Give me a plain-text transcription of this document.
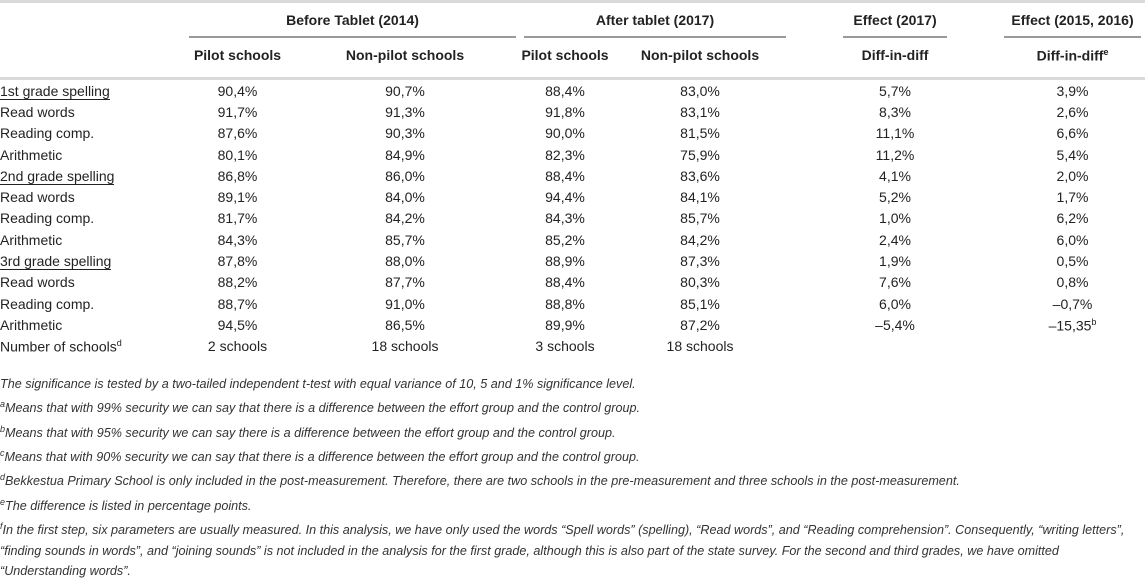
	Before Tablet (2014)		After tablet (2017)		Effect (2017)	Effect (2015, 2016)
	Pilot schools	Non-pilot schools	Pilot schools	Non-pilot schools	Diff-in-diff	Diff-in-diff$^e$
1st grade spelling	90,4%	90,7%	88,4%	83,0%	5,7%	3,9%
Read words	91,7%	91,3%	91,8%	83,1%	8,3%	2,6%
Reading comp.	87,6%	90,3%	90,0%	81,5%	11,1%	6,6%
Arithmetic	80,1%	84,9%	82,3%	75,9%	11,2%	5,4%
2nd grade spelling	86,8%	86,0%	88,4%	83,6%	4,1%	2,0%
Read words	89,1%	84,0%	94,4%	84,1%	5,2%	1,7%
Reading comp.	81,7%	84,2%	84,3%	85,7%	1,0%	6,2%
Arithmetic	84,3%	85,7%	85,2%	84,2%	2,4%	6,0%
3rd grade spelling	87,8%	88,0%	88,9%	87,3%	1,9%	0,5%
Read words	88,2%	87,7%	88,4%	80,3%	7,6%	0,8%
Reading comp.	88,7%	91,0%	88,8%	85,1%	6,0%	–0,7%
Arithmetic	94,5%	86,5%	89,9%	87,2%	–5,4%	–15,35$^b$
Number of schools$^d$	2 schools	18 schools	3 schools	18 schools		

The significance is tested by a two-tailed independent t-test with equal variance of 10, 5 and 1% significance level.

$^a$Means that with 99% security we can say that there is a difference between the effort group and the control group.

$^b$Means that with 95% security we can say there is a difference between the effort group and the control group.

$^c$Means that with 90% security we can say that there is a difference between the effort group and the control group.

$^d$Bekkestua Primary School is only included in the post-measurement. Therefore, there are two schools in the pre-measurement and three schools in the post-measurement.

$^e$The difference is listed in percentage points.

$^f$In the first step, six parameters are usually measured. In this analysis, we have only used the words “Spell words” (spelling), “Read words”, and “Reading comprehension”. Consequently, “writing letters”, “finding sounds in words”, and “joining sounds” is not included in the analysis for the first grade, although this is also part of the state survey. For the second and third grades, we have omitted “Understanding words”.
